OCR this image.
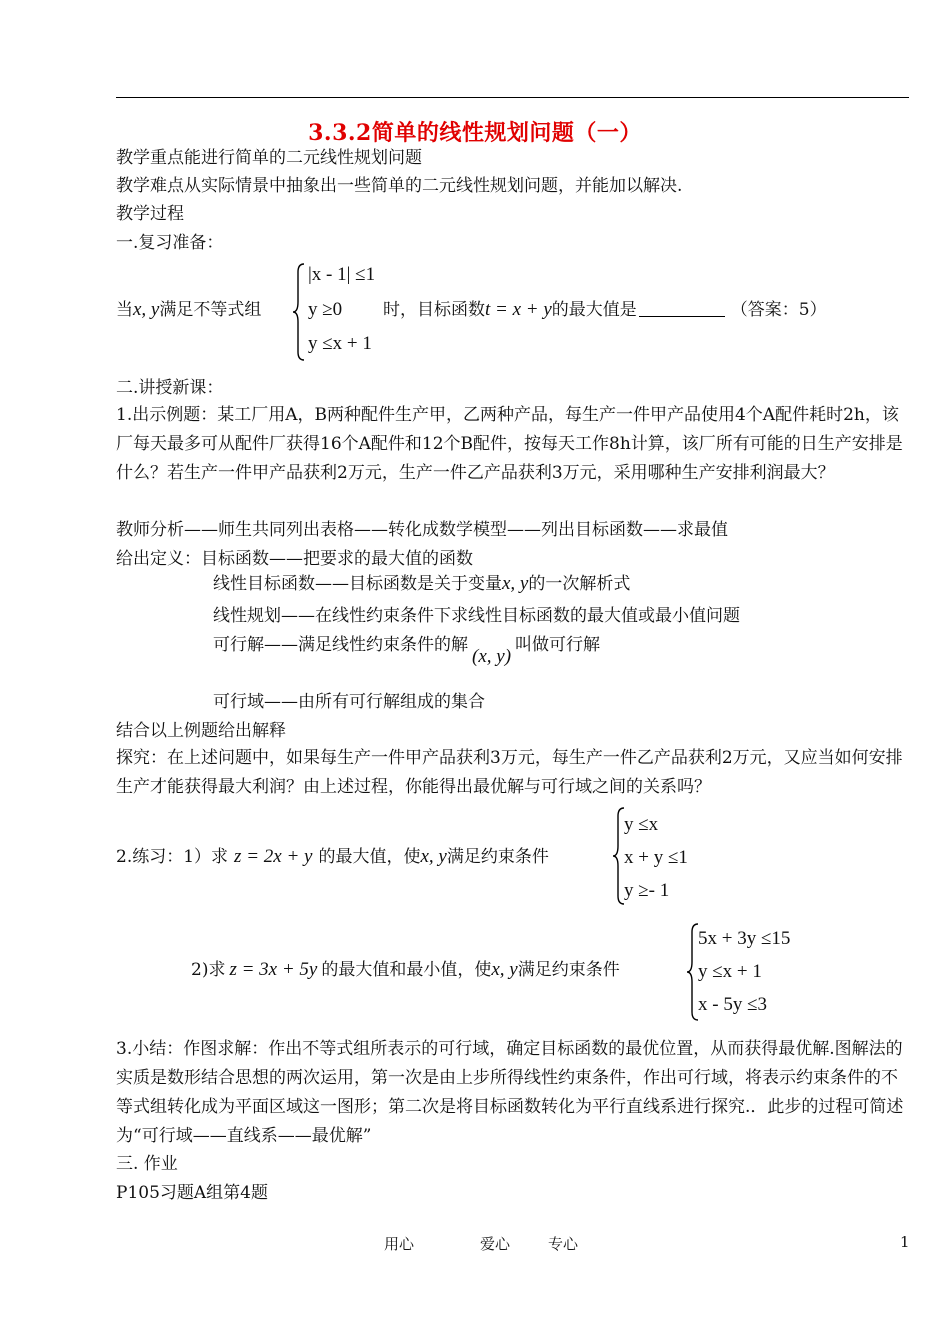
3.3.2简单的线性规划问题（一）
教学重点能进行简单的二元线性规划问题
教学难点从实际情景中抽象出一些简单的二元线性规划问题，并能加以解决.
教学过程
一.复习准备：
当x, y满足不等式组
|x - 1| ≤1
y ≥0
y ≤x + 1
时，目标函数t = x + y的最大值是	（答案：5）
二.讲授新课：
1.出示例题：某工厂用A，B两种配件生产甲，乙两种产品，每生产一件甲产品使用4个A配件耗时2h，该厂每天最多可从配件厂获得16个A配件和12个B配件，按每天工作8h计算，该厂所有可能的日生产安排是什么？若生产一件甲产品获利2万元，生产一件乙产品获利3万元，采用哪种生产安排利润最大？
教师分析——师生共同列出表格——转化成数学模型——列出目标函数——求最值
给出定义：目标函数——把要求的最大值的函数
线性目标函数——目标函数是关于变量x, y的一次解析式
线性规划——在线性约束条件下求线性目标函数的最大值或最小值问题
可行解——满足线性约束条件的解(x, y)叫做可行解
可行域——由所有可行解组成的集合
结合以上例题给出解释
探究：在上述问题中，如果每生产一件甲产品获利3万元，每生产一件乙产品获利2万元，又应当如何安排生产才能获得最大利润？由上述过程，你能得出最优解与可行域之间的关系吗？
2.练习：1）求 z = 2x + y 的最大值，使x, y满足约束条件
y ≤x
x + y ≤1
y ≥- 1
2)求 z = 3x + 5y 的最大值和最小值，使x, y满足约束条件
5x + 3y ≤15
y ≤x + 1
x - 5y ≤3
3.小结：作图求解：作出不等式组所表示的可行域，确定目标函数的最优位置，从而获得最优解.图解法的实质是数形结合思想的两次运用，第一次是由上步所得线性约束条件，作出可行域，将表示约束条件的不等式组转化成为平面区域这一图形；第二次是将目标函数转化为平行直线系进行探究.．此步的过程可简述为“可行域——直线系——最优解”
三. 作业
P105习题A组第4题
用心	爱心	专心	1
